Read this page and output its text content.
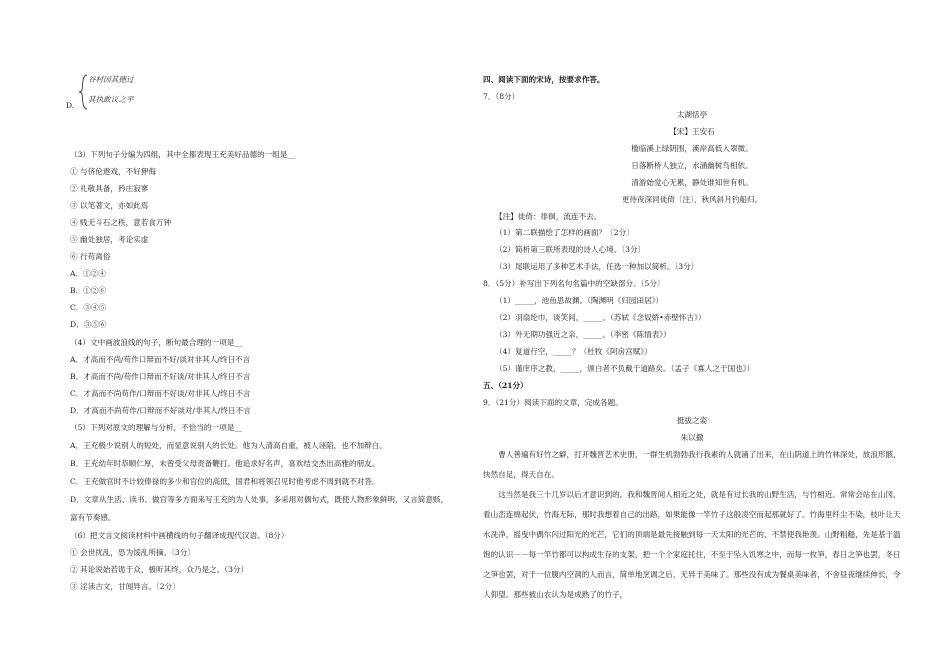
谷村因其德过
其执敢议之平
D.
（3）下列句子分编为四组，其中全都表现王充美好品德的一组是__
① 与侪伦遨戏，不好狎侮
② 礼敬具备，矜庄寂寥
③ 以笔著文，亦如此焉
④ 贱无斗石之秩，意若食万钟
⑤ 幽处独居，考论实虚
⑥ 行苟离俗
A．①②④
B．①②⑥
C．③④⑤
D．③⑤⑥
（4）文中画波浪线的句子，断句最合理的一项是__
A．才高而不尚/苟作口辩而不好/谈对非其人/终日不言
B．才高而不尚/苟作口辩而不好谈/对非其人/终日不言
C．才高而不尚苟作/口辩而不好谈/对非其人/终日不言
D．才高而不尚苟作/口辩而不好谈对/非其人/终日不言
（5）下列对原文的理解与分析，不恰当的一项是__
A．王充极少说别人的短处，而显意说别人的长处。他为人清高自重，被人诬陷，也不加辩白。
B．王充幼年时恭顺仁厚，未曾受父母责备鞭打。他追求好名声，喜欢结交杰出高雅的朋友。
C．王充做官时不计较俸禄的多少和官位的高低，国君和将领召见时他考虑不周到就不对答。
D．文章从生活、读书、做官等多方面来写王充的为人处事，多采用对偶句式，既使人物形象鲜明，又言简意赅，
富有节奏感。
（6）把文言文阅读材料中画横线的句子翻译成现代汉语。（8分）
① 会世扰乱，恐为馁乱所摘。〔3分〕
② 其论说始若诡于众，极听其终，众乃是之。（3分）
③ 淫读古文，甘闻异言。〔2分〕
四、阅读下面的宋诗，按要求作答。
7．（8分）
太湖恬亭
【宋】王安石
槛临溪上绿阴围，溪岸高低入翠微。
日落断桥人独立，水涵幽树鸟相依。
清游始觉心无累，静处谁知世有机。
更待夜深同徙倚〔注〕，秋风斜月钓船归。
【注】徙倚：徘徊，流连不去。
（1）第二联描绘了怎样的画面？〔2分〕
（2）简析第三联所表现的诗人心境。〔3分〕
（3）尾联运用了多种艺术手法，任选一种加以简析。〔3分〕
8．（5分）补写出下列名句名篇中的空缺部分。〔5分〕
（1）_____，池鱼思故渊。（陶渊明《归园田居》）
（2）羽扇纶巾，谈笑间，_____。（苏轼《念奴娇•赤壁怀古》）
（3）外无期功强近之亲，_____。（李密《陈情表》）
（4）复道行空，_____？（杜牧《阿房宫赋》）
（5）谨庠序之教，_____，颁白者不负戴于道路矣。（孟子《寡人之于国也》）
五、（21分）
9．（21分）阅读下面的文章，完成各题。
挺拔之姿
朱以撒
曹人善遍有好竹之癖，打开魏晋艺术史册，一群生机勃勃我行我素的人就涌了出来，在山阴道上的竹林深处，放浪形骸，快然自足，得天自在。
这当然是我三十几岁以后才意识到的。我和魏晋间人相近之处，就是有过长我的山野生活，与竹相近。常常会站在山冈，看山峦连绵起伏，竹海无际，那时我想着自己的出路，如果能像一竿竹子这般凌空而起那就好了。竹海里纤尘不染，枝叶让天水洗净，摇曳中偶尔闪过阳光的光芒，它们的顶端是最先接触到每一天太阳的光芒的，不禁使我艳羡。山野粗糙，先是基于温饱的认识－－每一竿竹都可以构成生存的支架，把一个个家庭托住，不至于坠入饥寒之中，而每一枚笋，春日之笋也罢，冬日之笋也罢，对于一位腹内空洞的人而言，简单地烹调之后，无异于美味了。那些没有成为餐桌美味者，不舍昼夜继续伸长，令人仰望。那些被山农认为是成熟了的竹子，
